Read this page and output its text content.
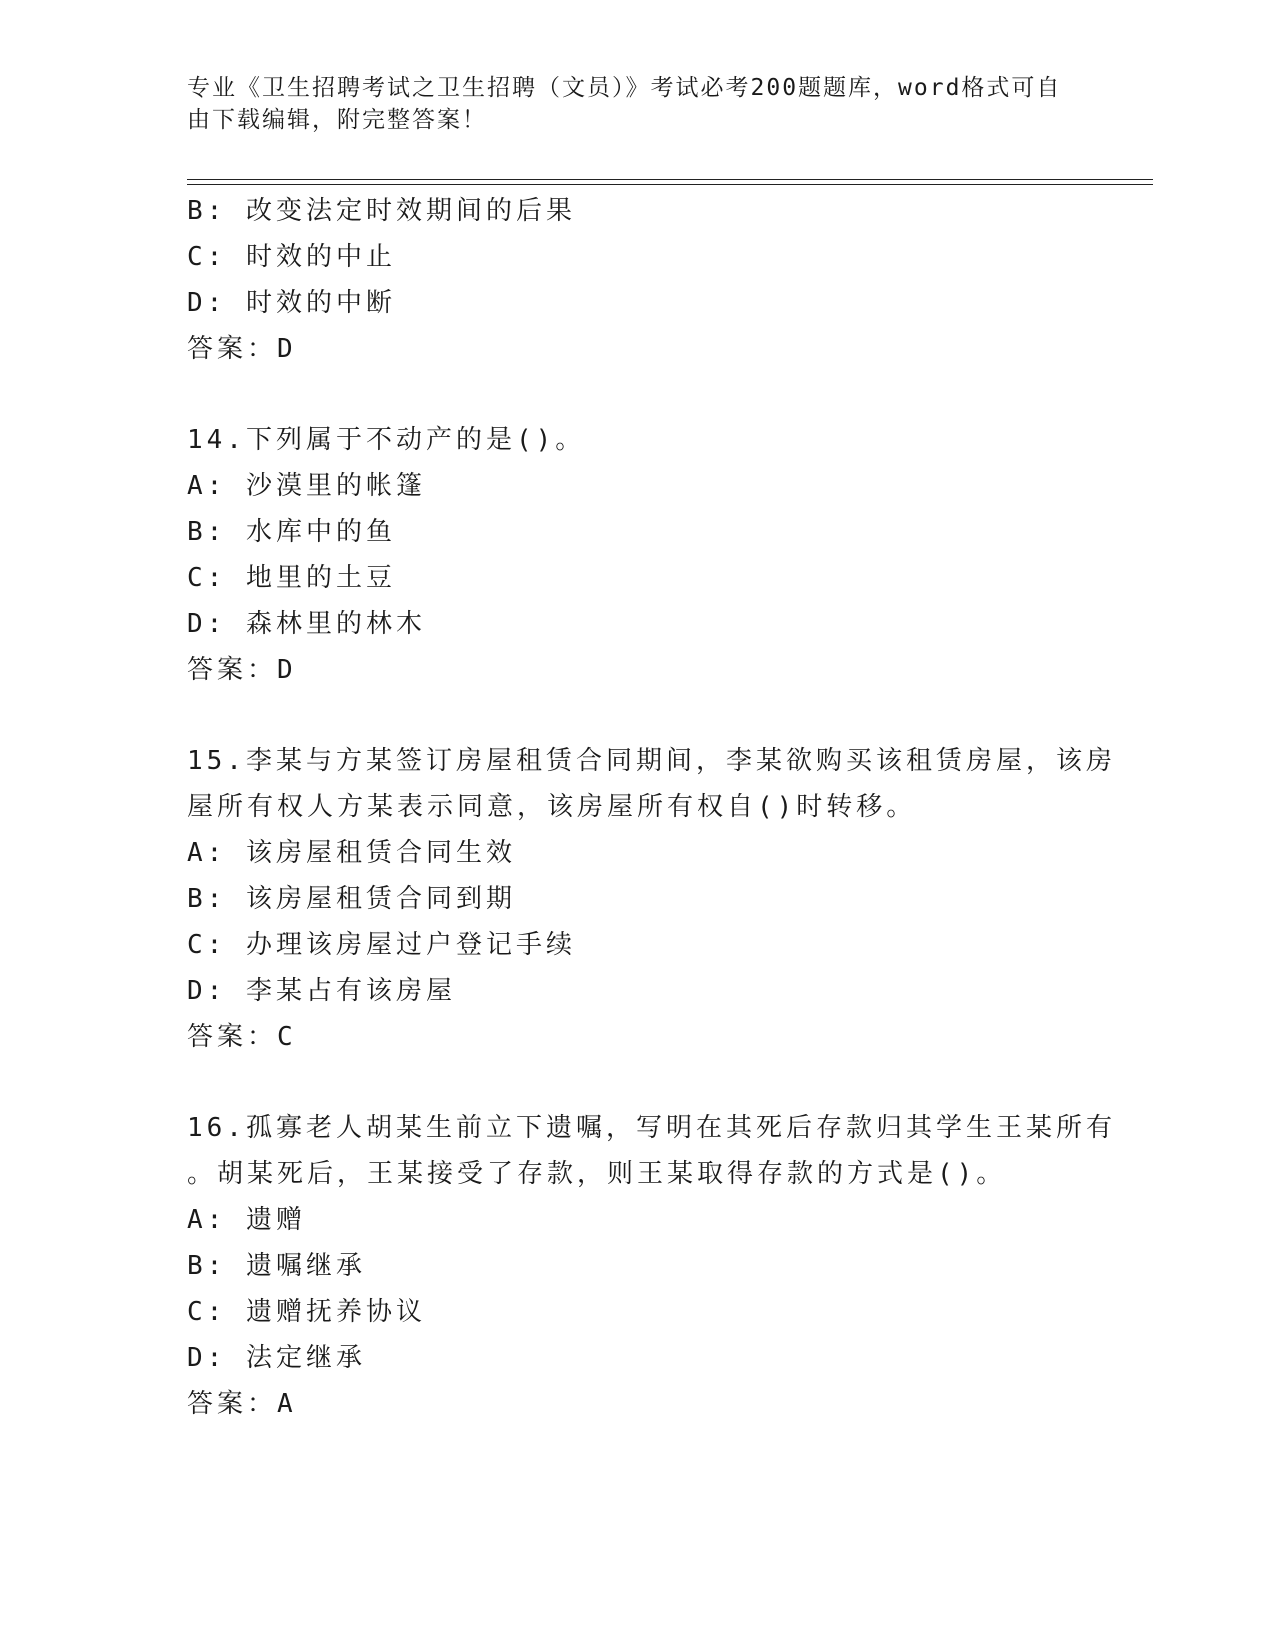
专业《卫生招聘考试之卫生招聘（文员）》考试必考200题题库，word格式可自
由下载编辑，附完整答案！
B: 改变法定时效期间的后果
C: 时效的中止
D: 时效的中断
答案：D
14.下列属于不动产的是()。
A: 沙漠里的帐篷
B: 水库中的鱼
C: 地里的土豆
D: 森林里的林木
答案：D
15.李某与方某签订房屋租赁合同期间，李某欲购买该租赁房屋，该房
屋所有权人方某表示同意，该房屋所有权自()时转移。
A: 该房屋租赁合同生效
B: 该房屋租赁合同到期
C: 办理该房屋过户登记手续
D: 李某占有该房屋
答案：C
16.孤寡老人胡某生前立下遗嘱，写明在其死后存款归其学生王某所有
。胡某死后，王某接受了存款，则王某取得存款的方式是()。
A: 遗赠
B: 遗嘱继承
C: 遗赠抚养协议
D: 法定继承
答案：A
